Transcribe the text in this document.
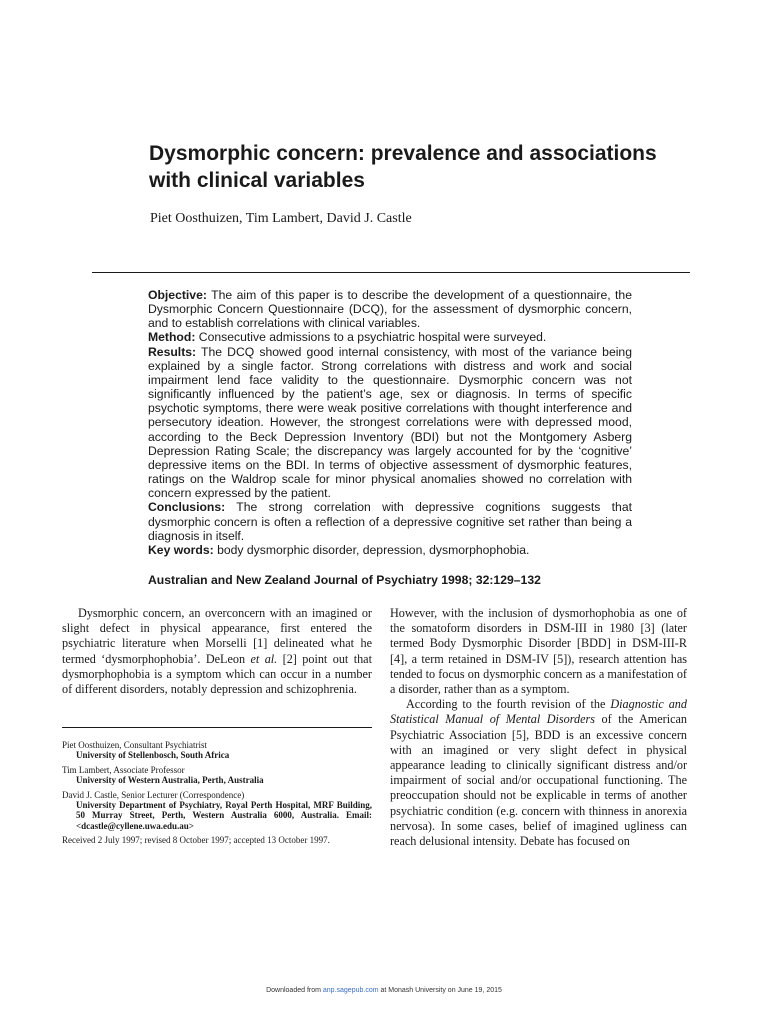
Dysmorphic concern: prevalence and associations with clinical variables
Piet Oosthuizen, Tim Lambert, David J. Castle

Objective: The aim of this paper is to describe the development of a questionnaire, the Dysmorphic Concern Questionnaire (DCQ), for the assessment of dysmorphic concern, and to establish correlations with clinical variables.

Method: Consecutive admissions to a psychiatric hospital were surveyed.

Results: The DCQ showed good internal consistency, with most of the variance being explained by a single factor. Strong correlations with distress and work and social impairment lend face validity to the questionnaire. Dysmorphic concern was not significantly influenced by the patient’s age, sex or diagnosis. In terms of specific psychotic symptoms, there were weak positive correlations with thought interference and persecutory ideation. However, the strongest correlations were with depressed mood, according to the Beck Depression Inventory (BDI) but not the Montgomery Asberg Depression Rating Scale; the discrepancy was largely accounted for by the ‘cognitive’ depressive items on the BDI. In terms of objective assessment of dysmorphic features, ratings on the Waldrop scale for minor physical anomalies showed no correlation with concern expressed by the patient.

Conclusions: The strong correlation with depressive cognitions suggests that dysmorphic concern is often a reflection of a depressive cognitive set rather than being a diagnosis in itself.

Key words: body dysmorphic disorder, depression, dysmorphophobia.

Australian and New Zealand Journal of Psychiatry 1998; 32:129–132

Dysmorphic concern, an overconcern with an imagined or slight defect in physical appearance, first entered the psychiatric literature when Morselli [1] delineated what he termed ‘dysmorphophobia’. DeLeon et al. [2] point out that dysmorphophobia is a symptom which can occur in a number of different disorders, notably depression and schizophrenia.

Piet Oosthuizen, Consultant Psychiatrist
University of Stellenbosch, South Africa
Tim Lambert, Associate Professor
University of Western Australia, Perth, Australia
David J. Castle, Senior Lecturer (Correspondence)
University Department of Psychiatry, Royal Perth Hospital, MRF Building, 50 Murray Street, Perth, Western Australia 6000, Australia. Email: <dcastle@cyllene.uwa.edu.au>
Received 2 July 1997; revised 8 October 1997; accepted 13 October 1997.

However, with the inclusion of dysmorhophobia as one of the somatoform disorders in DSM-III in 1980 [3] (later termed Body Dysmorphic Disorder [BDD] in DSM-III-R [4], a term retained in DSM-IV [5]), research attention has tended to focus on dysmorphic concern as a manifestation of a disorder, rather than as a symptom.

According to the fourth revision of the Diagnostic and Statistical Manual of Mental Disorders of the American Psychiatric Association [5], BDD is an excessive concern with an imagined or very slight defect in physical appearance leading to clinically significant distress and/or impairment of social and/or occupational functioning. The preoccupation should not be explicable in terms of another psychiatric condition (e.g. concern with thinness in anorexia nervosa). In some cases, belief of imagined ugliness can reach delusional intensity. Debate has focused on

Downloaded from anp.sagepub.com at Monash University on June 19, 2015
